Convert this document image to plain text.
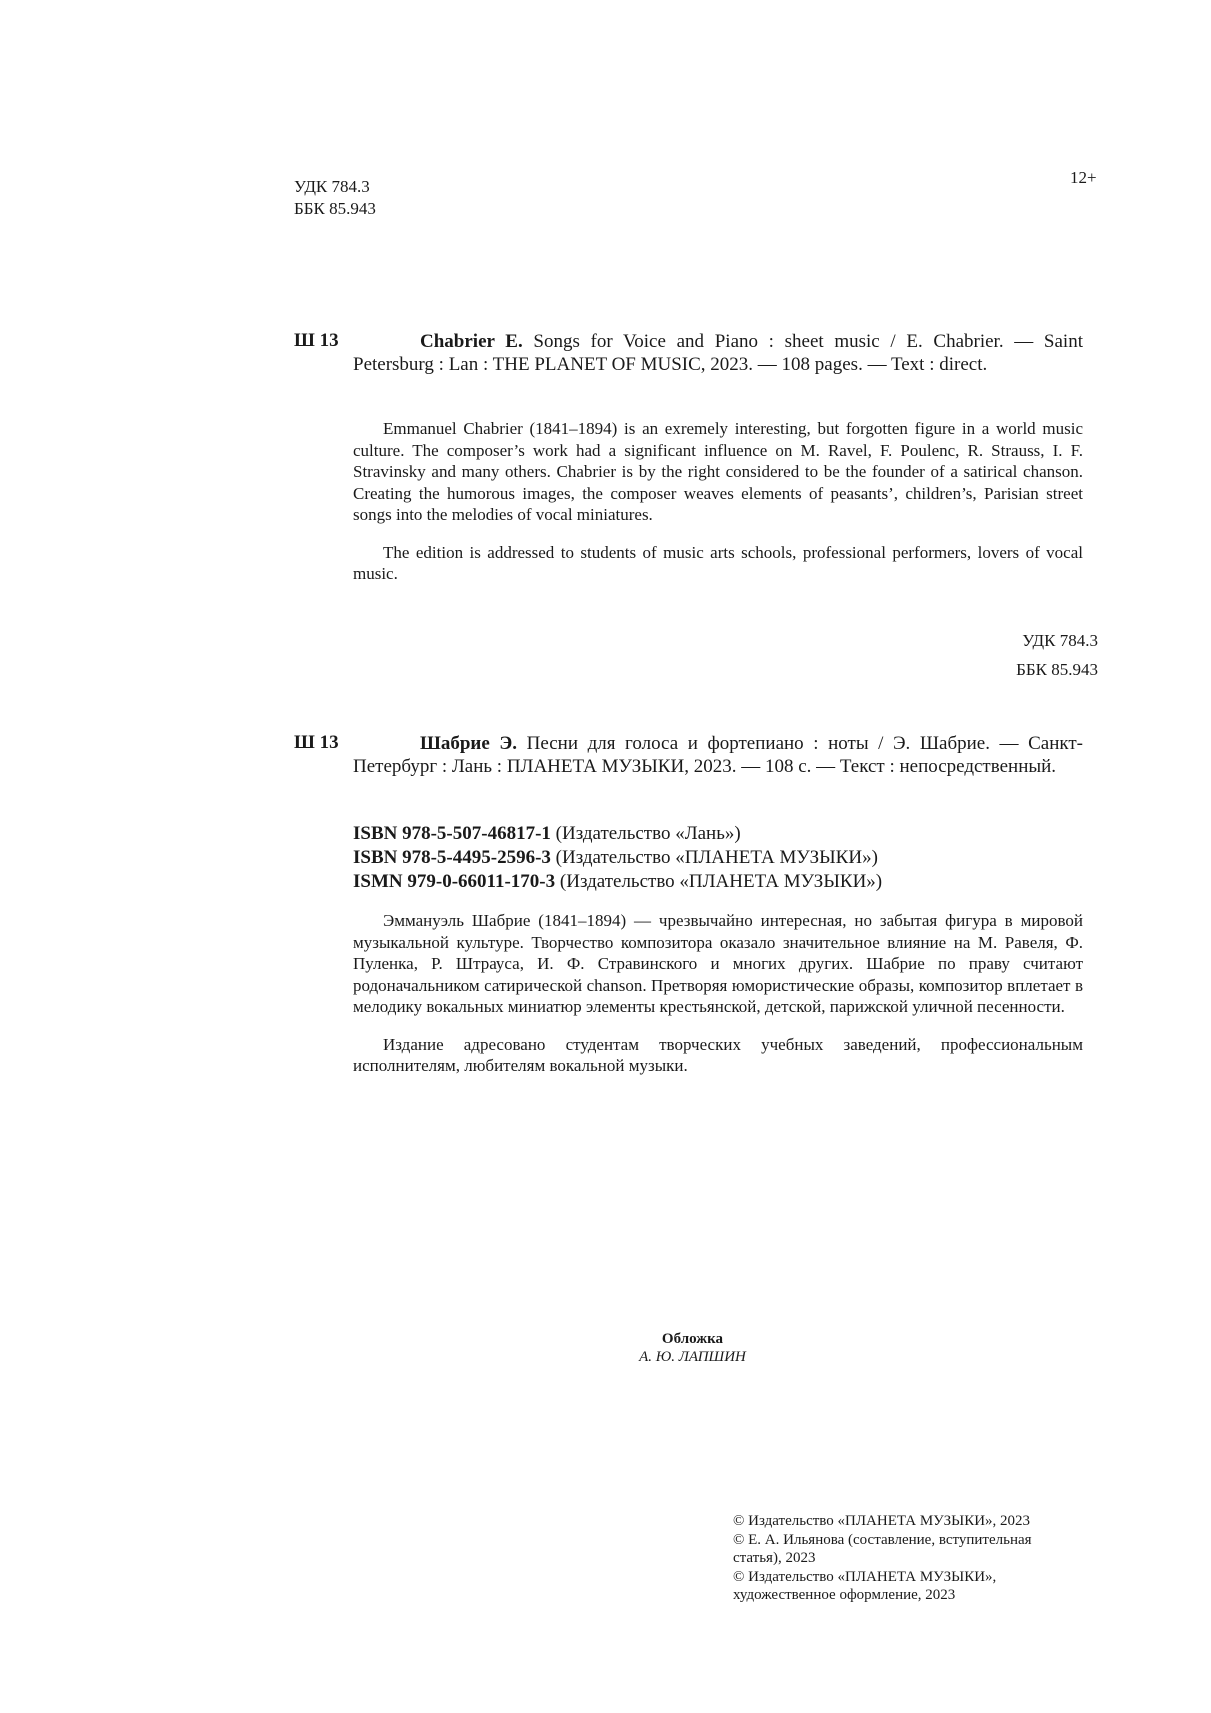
УДК 784.3
ББК 85.943
12+
Ш 13	Chabrier E. Songs for Voice and Piano : sheet music / E. Chabrier. — Saint Petersburg : Lan : THE PLANET OF MUSIC, 2023. — 108 pages. — Text : direct.

Emmanuel Chabrier (1841–1894) is an exremely interesting, but forgotten figure in a world music culture. The composer’s work had a significant influence on M. Ravel, F. Poulenc, R. Strauss, I. F. Stravinsky and many others. Chabrier is by the right considered to be the founder of a satirical chanson. Creating the humorous images, the composer weaves elements of peasants’, children’s, Parisian street songs into the melodies of vocal miniatures.

The edition is addressed to students of music arts schools, professional performers, lovers of vocal music.

УДК 784.3
ББК 85.943
Ш 13	Шабрие Э. Песни для голоса и фортепиано : ноты / Э. Шабрие. — Санкт-Петербург : Лань : ПЛАНЕТА МУЗЫКИ, 2023. — 108 с. — Текст : непосредственный.
ISBN 978-5-507-46817-1 (Издательство «Лань»)
ISBN 978-5-4495-2596-3 (Издательство «ПЛАНЕТА МУЗЫКИ»)
ISMN 979-0-66011-170-3 (Издательство «ПЛАНЕТА МУЗЫКИ»)

Эммануэль Шабрие (1841–1894) — чрезвычайно интересная, но забытая фигура в мировой музыкальной культуре. Творчество композитора оказало значительное влияние на М. Равеля, Ф. Пуленка, Р. Штрауса, И. Ф. Стравинского и многих других. Шабрие по праву считают родоначальником сатирической chanson. Претворяя юмористические образы, композитор вплетает в мелодику вокальных миниатюр элементы крестьянской, детской, парижской уличной песенности.

Издание адресовано студентам творческих учебных заведений, профессиональным исполнителям, любителям вокальной музыки.

Обложка
А. Ю. ЛАПШИН
© Издательство «ПЛАНЕТА МУЗЫКИ», 2023
© Е. А. Ильянова (составление, вступительная статья), 2023
© Издательство «ПЛАНЕТА МУЗЫКИ», художественное оформление, 2023
